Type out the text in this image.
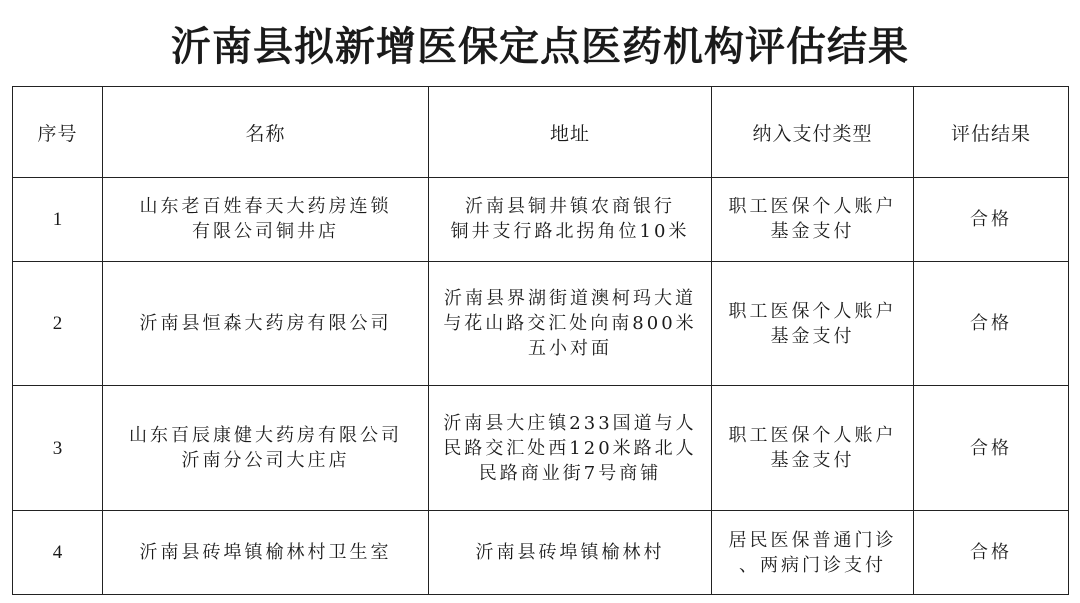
沂南县拟新增医保定点医药机构评估结果
序号	名称	地址	纳入支付类型	评估结果
1	山东老百姓春天大药房连锁
有限公司铜井店	沂南县铜井镇农商银行
铜井支行路北拐角位10米	职工医保个人账户
基金支付	合格
2	沂南县恒森大药房有限公司	沂南县界湖街道澳柯玛大道
与花山路交汇处向南800米
五小对面	职工医保个人账户
基金支付	合格
3	山东百辰康健大药房有限公司
沂南分公司大庄店	沂南县大庄镇233国道与人
民路交汇处西120米路北人
民路商业街7号商铺	职工医保个人账户
基金支付	合格
4	沂南县砖埠镇榆林村卫生室	沂南县砖埠镇榆林村	居民医保普通门诊
、两病门诊支付	合格
